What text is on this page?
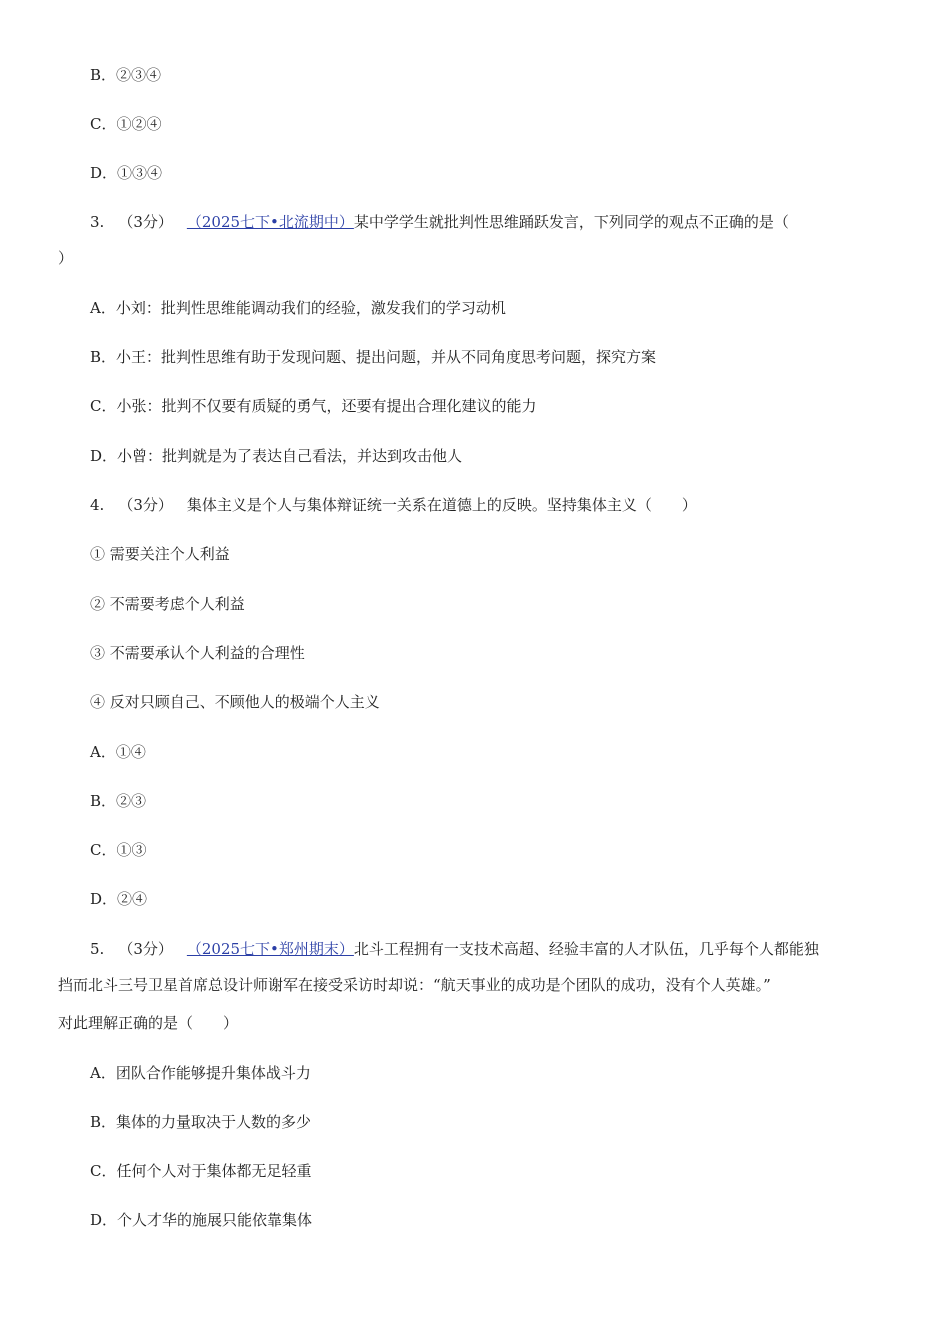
B．②③④
C．①②④
D．①③④
3. （3分） （2025七下•北流期中）某中学学生就批判性思维踊跃发言，下列同学的观点不正确的是（
）
A．小刘：批判性思维能调动我们的经验，激发我们的学习动机
B．小王：批判性思维有助于发现问题、提出问题，并从不同角度思考问题，探究方案
C．小张：批判不仅要有质疑的勇气，还要有提出合理化建议的能力
D．小曾：批判就是为了表达自己看法，并达到攻击他人
4. （3分） 集体主义是个人与集体辩证统一关系在道德上的反映。坚持集体主义（　　）
① 需要关注个人利益
② 不需要考虑个人利益
③ 不需要承认个人利益的合理性
④ 反对只顾自己、不顾他人的极端个人主义
A．①④
B．②③
C．①③
D．②④
5. （3分） （2025七下•郑州期末）北斗工程拥有一支技术高超、经验丰富的人才队伍，几乎每个人都能独
挡而北斗三号卫星首席总设计师谢军在接受采访时却说：“航天事业的成功是个团队的成功，没有个人英雄。”
对此理解正确的是（　　）
A．团队合作能够提升集体战斗力
B．集体的力量取决于人数的多少
C．任何个人对于集体都无足轻重
D．个人才华的施展只能依靠集体
